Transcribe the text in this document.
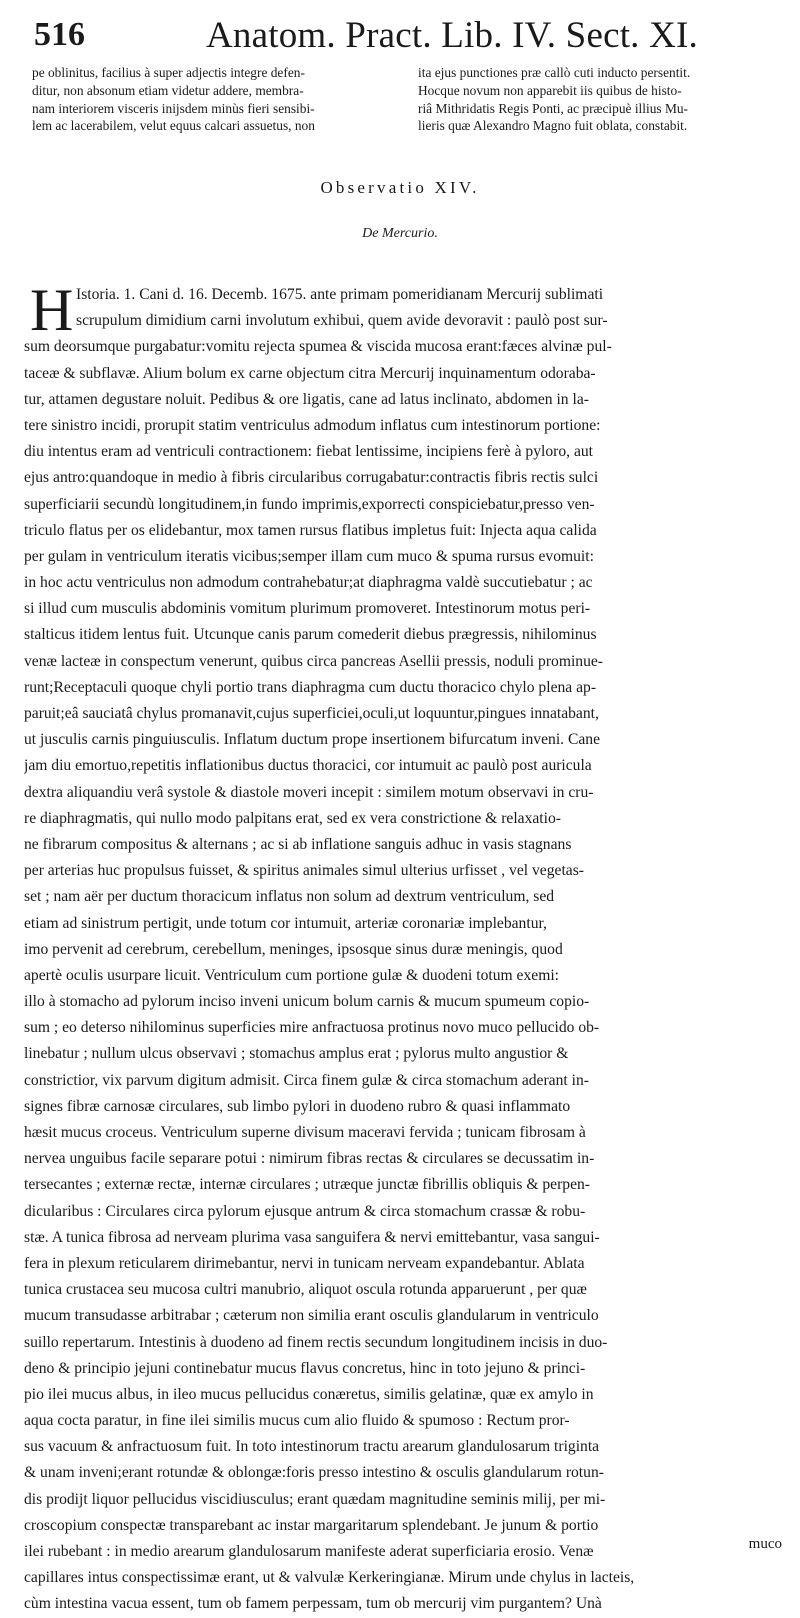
516	Anatom. Pract. Lib. IV. Sect. XI.
pe oblinitus, facilius à super adjectis integre defen-
ditur, non absonum etiam videtur addere, membra-
nam interiorem visceris inijsdem minùs fieri sensibi-
lem ac lacerabilem, velut equus calcari assuetus, non
ita ejus punctiones præ callò cuti inducto persentit.
Hocque novum non apparebit iis quibus de histo-
riâ Mithridatis Regis Ponti, ac præcipuè illius Mu-
lieris quæ Alexandro Magno fuit oblata, constabit.
Observatio XIV.
De Mercurio.
H Istoria. 1. Cani d. 16. Decemb. 1675. ante primam pomeridianam Mercurij sublimati
scrupulum dimidium carni involutum exhibui, quem avide devoravit : paulò post sur-
sum deorsumque purgabatur:vomitu rejecta spumea & viscida mucosa erant:fæces alvinæ pul-
taceæ & subflavæ. Alium bolum ex carne objectum citra Mercurij inquinamentum odoraba-
tur, attamen degustare noluit. Pedibus & ore ligatis, cane ad latus inclinato, abdomen in la-
tere sinistro incidi, prorupit statim ventriculus admodum inflatus cum intestinorum portione:
diu intentus eram ad ventriculi contractionem: fiebat lentissime, incipiens ferè à pyloro, aut
ejus antro:quandoque in medio à fibris circularibus corrugabatur:contractis fibris rectis sulci
superficiarii secundù longitudinem,in fundo imprimis,exporrecti conspiciebatur,presso ven-
triculo flatus per os elidebantur, mox tamen rursus flatibus impletus fuit: Injecta aqua calida
per gulam in ventriculum iteratis vicibus;semper illam cum muco & spuma rursus evomuit:
in hoc actu ventriculus non admodum contrahebatur;at diaphragma valdè succutiebatur ; ac
si illud cum musculis abdominis vomitum plurimum promoveret. Intestinorum motus peri-
stalticus itidem lentus fuit. Utcunque canis parum comederit diebus prægressis, nihilominus
venæ lacteæ in conspectum venerunt, quibus circa pancreas Asellii pressis, noduli prominue-
runt;Receptaculi quoque chyli portio trans diaphragma cum ductu thoracico chylo plena ap-
paruit;eâ sauciatâ chylus promanavit,cujus superficiei,oculi,ut loquuntur,pingues innatabant,
ut jusculis carnis pinguiusculis. Inflatum ductum prope insertionem bifurcatum inveni. Cane
jam diu emortuo,repetitis inflationibus ductus thoracici, cor intumuit ac paulò post auricula
dextra aliquandiu verâ systole & diastole moveri incepit : similem motum observavi in cru-
re diaphragmatis, qui nullo modo palpitans erat, sed ex vera constrictione & relaxatio-
ne fibrarum compositus & alternans ; ac si ab inflatione sanguis adhuc in vasis stagnans
per arterias huc propulsus fuisset, & spiritus animales simul ulterius urfisset , vel vegetas-
set ; nam aër per ductum thoracicum inflatus non solum ad dextrum ventriculum, sed
etiam ad sinistrum pertigit, unde totum cor intumuit, arteriæ coronariæ implebantur,
imo pervenit ad cerebrum, cerebellum, meninges, ipsosque sinus duræ meningis, quod
apertè oculis usurpare licuit. Ventriculum cum portione gulæ & duodeni totum exemi:
illo à stomacho ad pylorum inciso inveni unicum bolum carnis & mucum spumeum copio-
sum ; eo deterso nihilominus superficies mire anfractuosa protinus novo muco pellucido ob-
linebatur ; nullum ulcus observavi ; stomachus amplus erat ; pylorus multo angustior &
constrictior, vix parvum digitum admisit. Circa finem gulæ & circa stomachum aderant in-
signes fibræ carnosæ circulares, sub limbo pylori in duodeno rubro & quasi inflammato
hæsit mucus croceus. Ventriculum superne divisum maceravi fervida ; tunicam fibrosam à
nervea unguibus facile separare potui : nimirum fibras rectas & circulares se decussatim in-
tersecantes ; externæ rectæ, internæ circulares ; utræque junctæ fibrillis obliquis & perpen-
dicularibus : Circulares circa pylorum ejusque antrum & circa stomachum crassæ & robu-
stæ. A tunica fibrosa ad nerveam plurima vasa sanguifera & nervi emittebantur, vasa sangui-
fera in plexum reticularem dirimebantur, nervi in tunicam nerveam expandebantur. Ablata
tunica crustacea seu mucosa cultri manubrio, aliquot oscula rotunda apparuerunt , per quæ
mucum transudasse arbitrabar ; cæterum non similia erant osculis glandularum in ventriculo
suillo repertarum. Intestinis à duodeno ad finem rectis secundum longitudinem incisis in duo-
deno & principio jejuni continebatur mucus flavus concretus, hinc in toto jejuno & princi-
pio ilei mucus albus, in ileo mucus pellucidus conæretus, similis gelatinæ, quæ ex amylo in
aqua cocta paratur, in fine ilei similis mucus cum alio fluido & spumoso : Rectum pror-
sus vacuum & anfractuosum fuit. In toto intestinorum tractu arearum glandulosarum triginta
& unam inveni;erant rotundæ & oblongæ:foris presso intestino & osculis glandularum rotun-
dis prodijt liquor pellucidus viscidiusculus; erant quædam magnitudine seminis milij, per mi-
croscopium conspectæ transparebant ac instar margaritarum splendebant. Je junum & portio
ilei rubebant : in medio arearum glandulosarum manifeste aderat superficiaria erosio. Venæ
capillares intus conspectissimæ erant, ut & valvulæ Kerkeringianæ. Mirum unde chylus in lacteis,
cùm intestina vacua essent, tum ob famem perpessam, tum ob mercurij vim purgantem? Unà
muco
